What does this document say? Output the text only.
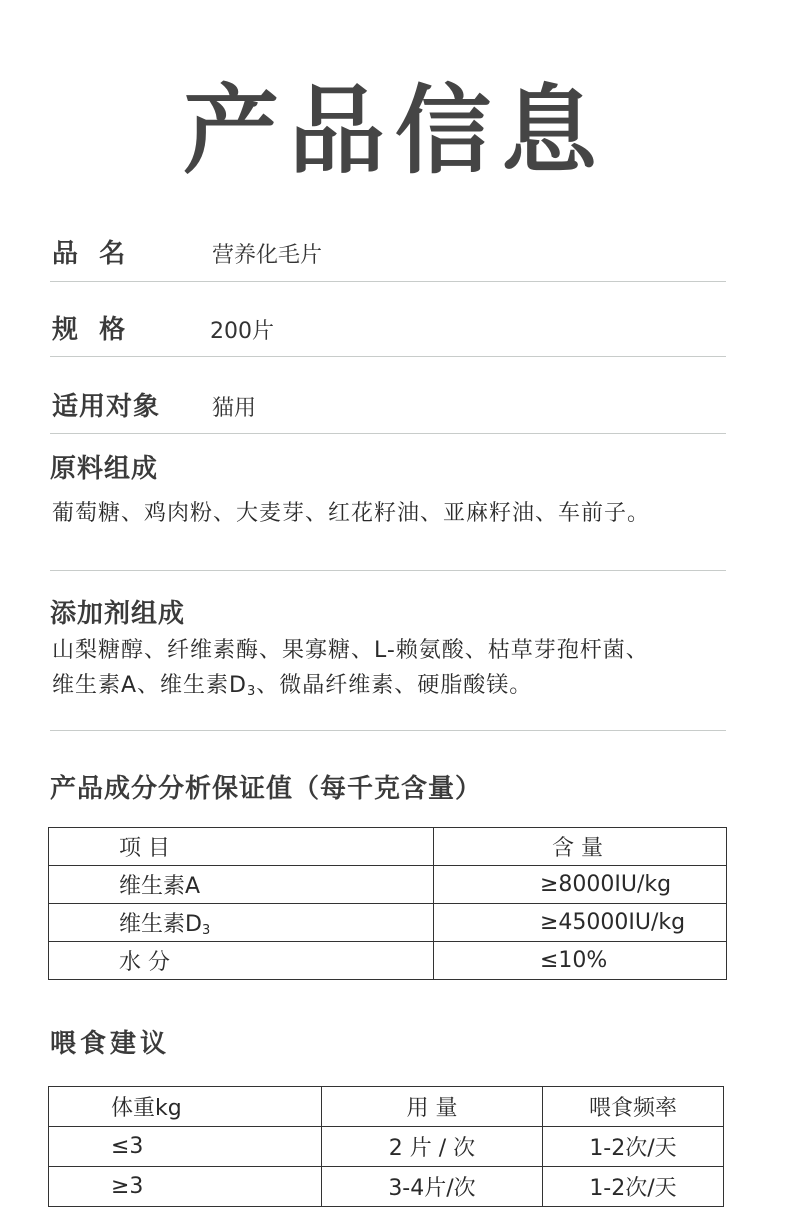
产品信息
品  名	营养化毛片
规  格	200片
适用对象 猫用
原料组成
葡萄糖、鸡肉粉、大麦芽、红花籽油、亚麻籽油、车前子。
添加剂组成
山梨糖醇、纤维素酶、果寡糖、L-赖氨酸、枯草芽孢杆菌、
维生素A、维生素$D_3$、微晶纤维素、硬脂酸镁。
产品成分分析保证值（每千克含量）
项 目	含 量
维生素A	≥8000IU/kg
维生素$D_3$	≥45000IU/kg
水 分	≤10%
喂食建议
体重kg	用 量	喂食频率
≤3	2 片 / 次	1-2次/天
≥3	3-4片/次	1-2次/天
